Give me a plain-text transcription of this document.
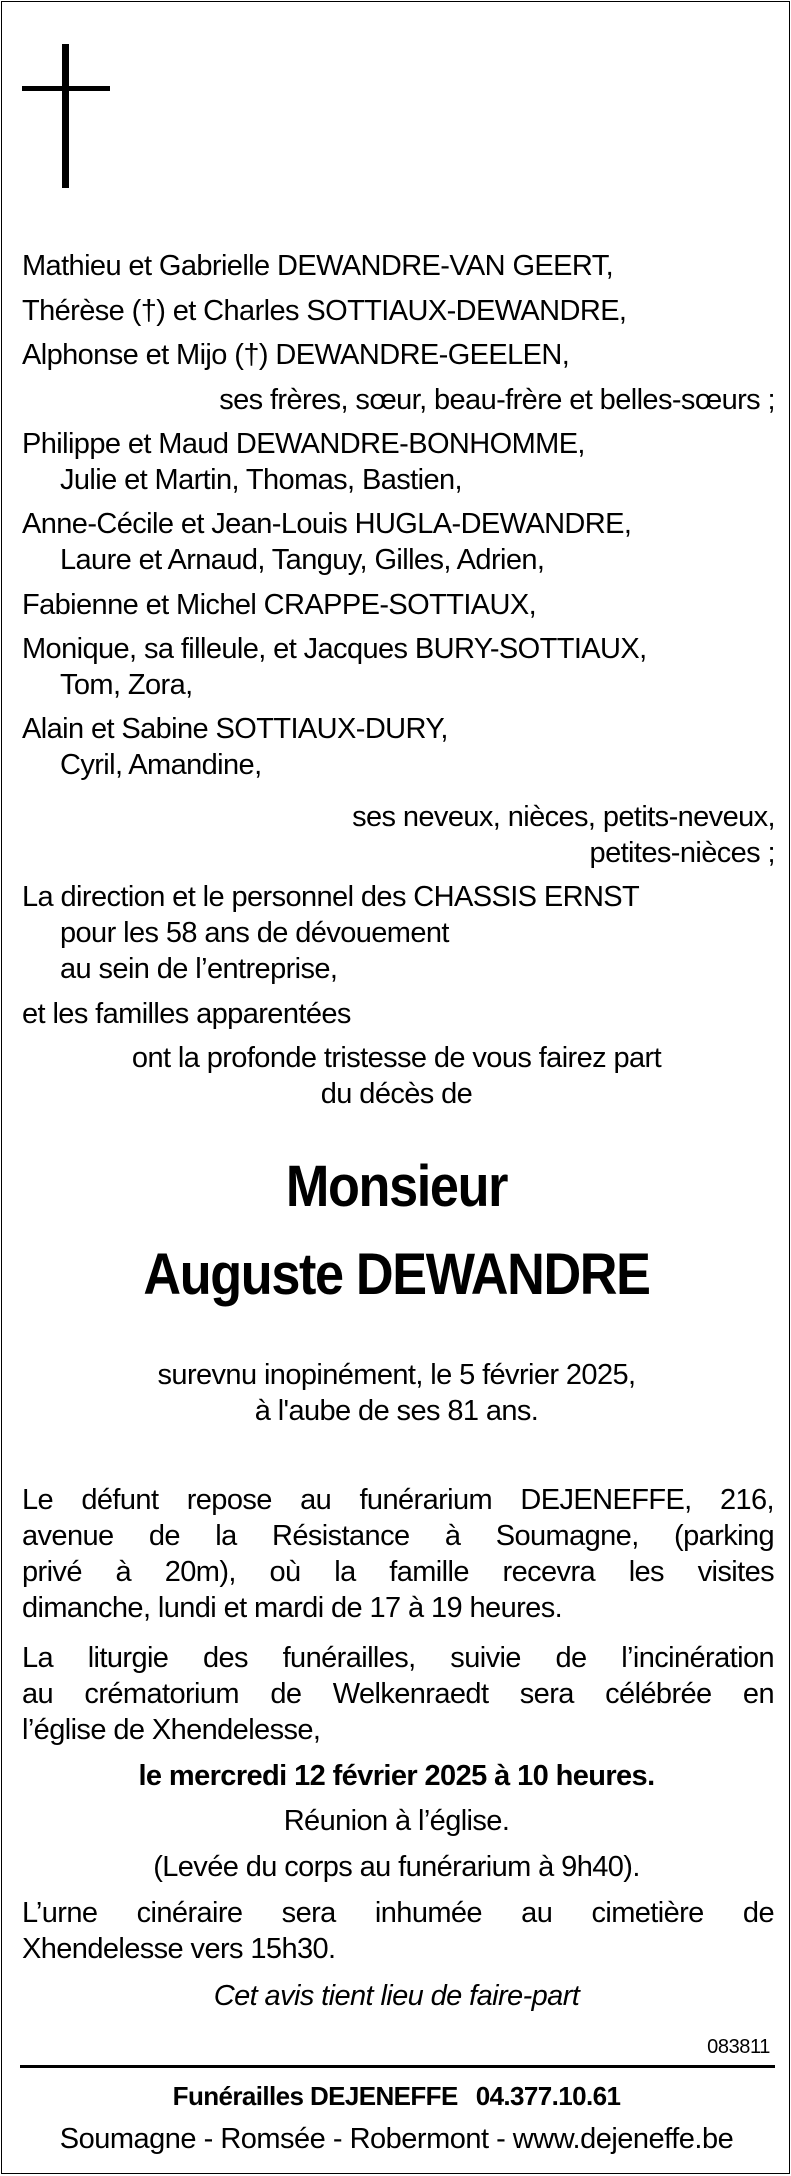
Mathieu et Gabrielle DEWANDRE-VAN GEERT,
Thérèse (†) et Charles SOTTIAUX-DEWANDRE,
Alphonse et Mijo (†) DEWANDRE-GEELEN,
ses frères, sœur, beau-frère et belles-sœurs ;
Philippe et Maud DEWANDRE-BONHOMME,
Julie et Martin, Thomas, Bastien,
Anne-Cécile et Jean-Louis HUGLA-DEWANDRE,
Laure et Arnaud, Tanguy, Gilles, Adrien,
Fabienne et Michel CRAPPE-SOTTIAUX,
Monique, sa filleule, et Jacques BURY-SOTTIAUX,
Tom, Zora,
Alain et Sabine SOTTIAUX-DURY,
Cyril, Amandine,
ses neveux, nièces, petits-neveux,
petites-nièces ;
La direction et le personnel des CHASSIS ERNST
pour les 58 ans de dévouement
au sein de l’entreprise,
et les familles apparentées
ont la profonde tristesse de vous fairez part
du décès de
Monsieur
Auguste DEWANDRE
surevnu inopinément, le 5 février 2025,
à l'aube de ses 81 ans.
Le défunt repose au funérarium DEJENEFFE, 216,
avenue de la Résistance à Soumagne, (parking
privé à 20m), où la famille recevra les visites
dimanche, lundi et mardi de 17 à 19 heures.
La liturgie des funérailles, suivie de l’incinération
au crématorium de Welkenraedt sera célébrée en
l’église de Xhendelesse,
le mercredi 12 février 2025 à 10 heures.
Réunion à l’église.
(Levée du corps au funérarium à 9h40).
L’urne cinéraire sera inhumée au cimetière de
Xhendelesse vers 15h30.
Cet avis tient lieu de faire-part
083811
Funérailles DEJENEFFE 04.377.10.61
Soumagne - Romsée - Robermont - www.dejeneffe.be
